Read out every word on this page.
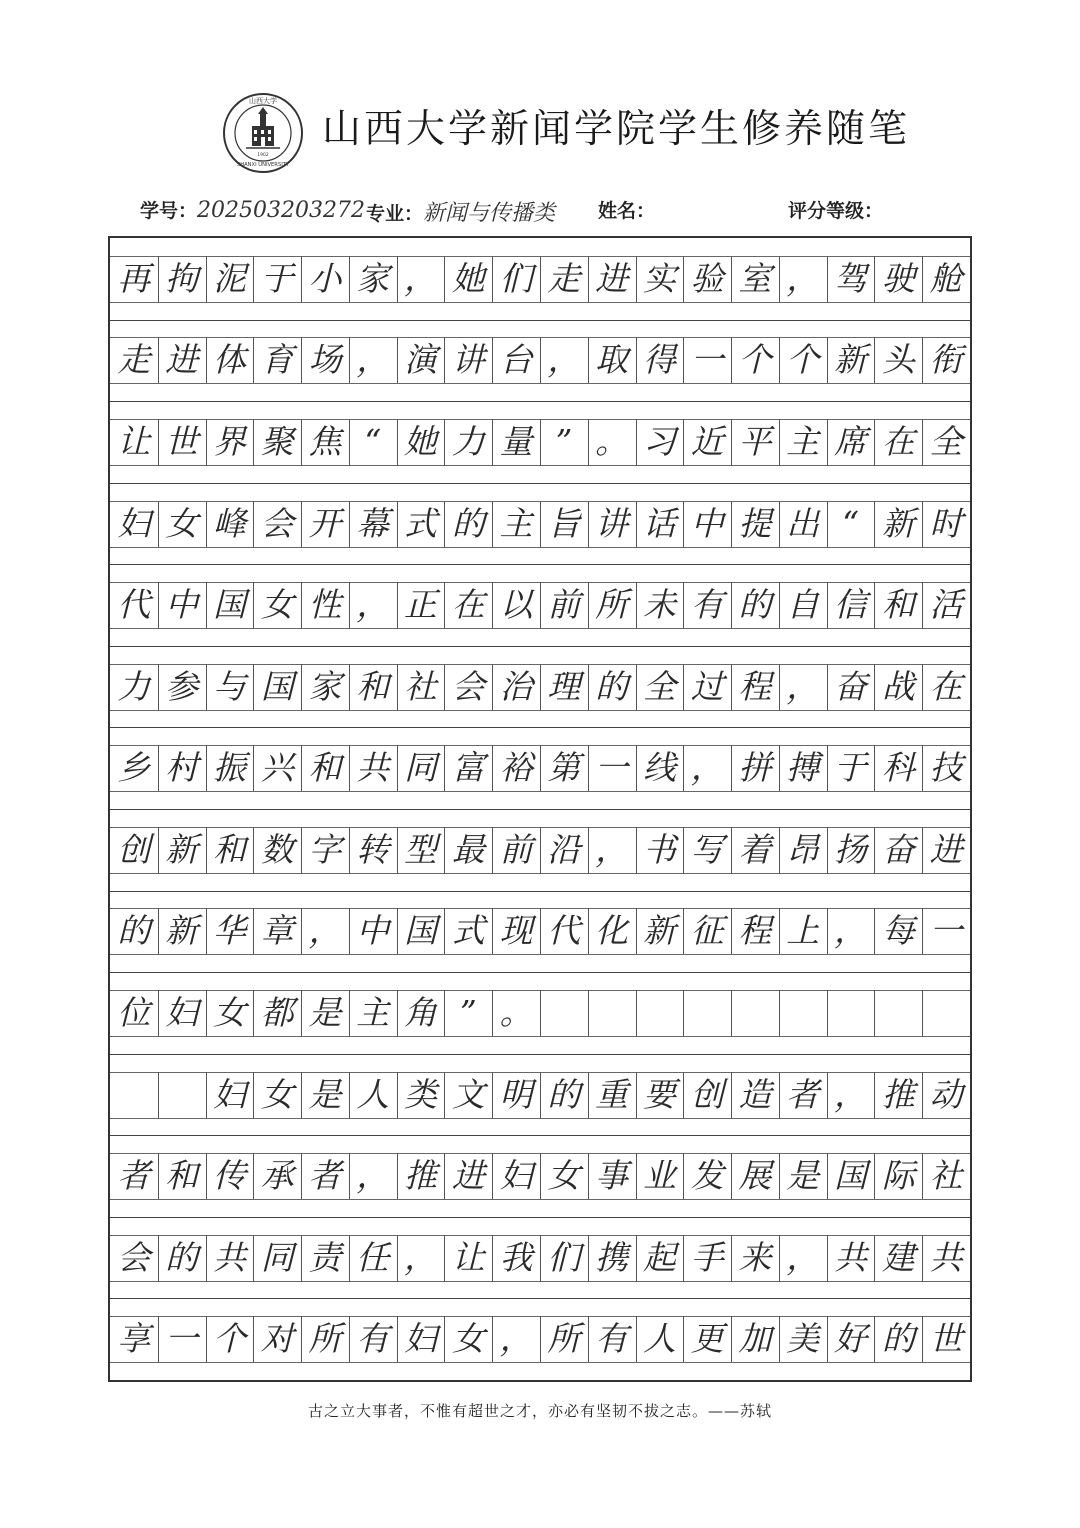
山西大学
SHANXI UNIVERSITY
1902
山西大学新闻学院学生修养随笔
学号：202503203272 专业：新闻与传播类 姓名：	评分等级：
再 拘 泥 于 小 家 ， 她 们 走 进 实 验 室 ， 驾 驶 舱
走 进 体 育 场 ， 演 讲 台 ， 取 得 一 个 个 新 头 衔
让 世 界 聚 焦 “ 她 力 量 ” 。 习 近 平 主 席 在 全
妇 女 峰 会 开 幕 式 的 主 旨 讲 话 中 提 出 “ 新 时
代 中 国 女 性 ， 正 在 以 前 所 未 有 的 自 信 和 活
力 参 与 国 家 和 社 会 治 理 的 全 过 程 ， 奋 战 在
乡 村 振 兴 和 共 同 富 裕 第 一 线 ， 拼 搏 于 科 技
创 新 和 数 字 转 型 最 前 沿 ， 书 写 着 昂 扬 奋 进
的 新 华 章 ， 中 国 式 现 代 化 新 征 程 上 ， 每 一
位 妇 女 都 是 主 角 ” 。
妇 女 是 人 类 文 明 的 重 要 创 造 者 ， 推 动
者 和 传 承 者 ， 推 进 妇 女 事 业 发 展 是 国 际 社
会 的 共 同 责 任 ， 让 我 们 携 起 手 来 ， 共 建 共
享 一 个 对 所 有 妇 女 ， 所 有 人 更 加 美 好 的 世
古之立大事者，不惟有超世之才，亦必有坚韧不拔之志。——苏轼
